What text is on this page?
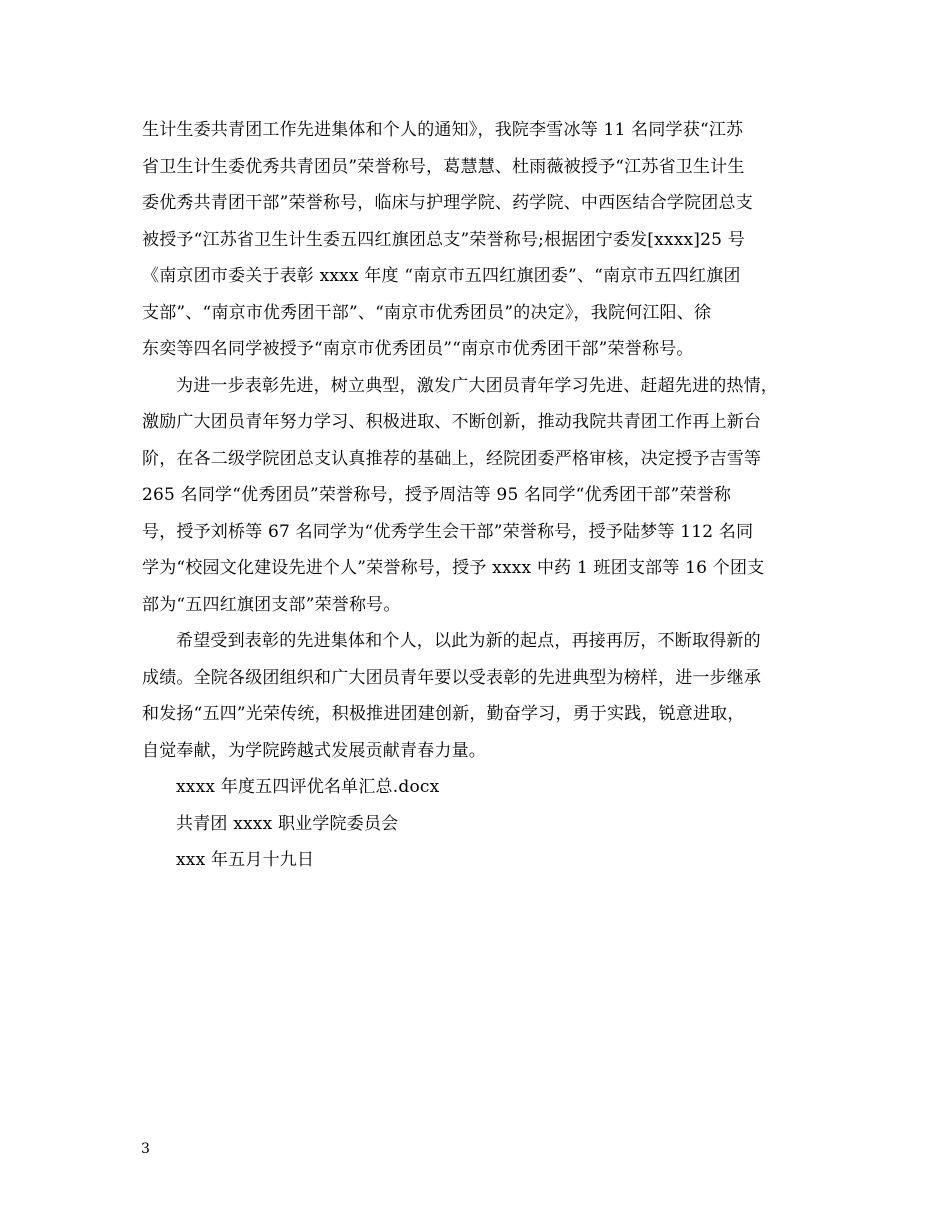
生计生委共青团工作先进集体和个人的通知》，我院李雪冰等 11 名同学获“江苏
省卫生计生委优秀共青团员”荣誉称号，葛慧慧、杜雨薇被授予“江苏省卫生计生
委优秀共青团干部”荣誉称号，临床与护理学院、药学院、中西医结合学院团总支
被授予“江苏省卫生计生委五四红旗团总支”荣誉称号;根据团宁委发[xxxx]25 号
《南京团市委关于表彰 xxxx 年度 “南京市五四红旗团委”、“南京市五四红旗团
支部”、“南京市优秀团干部”、“南京市优秀团员”的决定》，我院何江阳、徐
东奕等四名同学被授予“南京市优秀团员”“南京市优秀团干部”荣誉称号。
为进一步表彰先进，树立典型，激发广大团员青年学习先进、赶超先进的热情，
激励广大团员青年努力学习、积极进取、不断创新，推动我院共青团工作再上新台
阶，在各二级学院团总支认真推荐的基础上，经院团委严格审核，决定授予吉雪等
265 名同学“优秀团员”荣誉称号，授予周洁等 95 名同学“优秀团干部”荣誉称
号，授予刘桥等 67 名同学为“优秀学生会干部”荣誉称号，授予陆梦等 112 名同
学为“校园文化建设先进个人”荣誉称号，授予 xxxx 中药 1 班团支部等 16 个团支
部为“五四红旗团支部”荣誉称号。
希望受到表彰的先进集体和个人，以此为新的起点，再接再厉，不断取得新的
成绩。全院各级团组织和广大团员青年要以受表彰的先进典型为榜样，进一步继承
和发扬“五四”光荣传统，积极推进团建创新，勤奋学习，勇于实践，锐意进取，
自觉奉献，为学院跨越式发展贡献青春力量。
xxxx 年度五四评优名单汇总.docx
共青团 xxxx 职业学院委员会
xxx 年五月十九日
3
